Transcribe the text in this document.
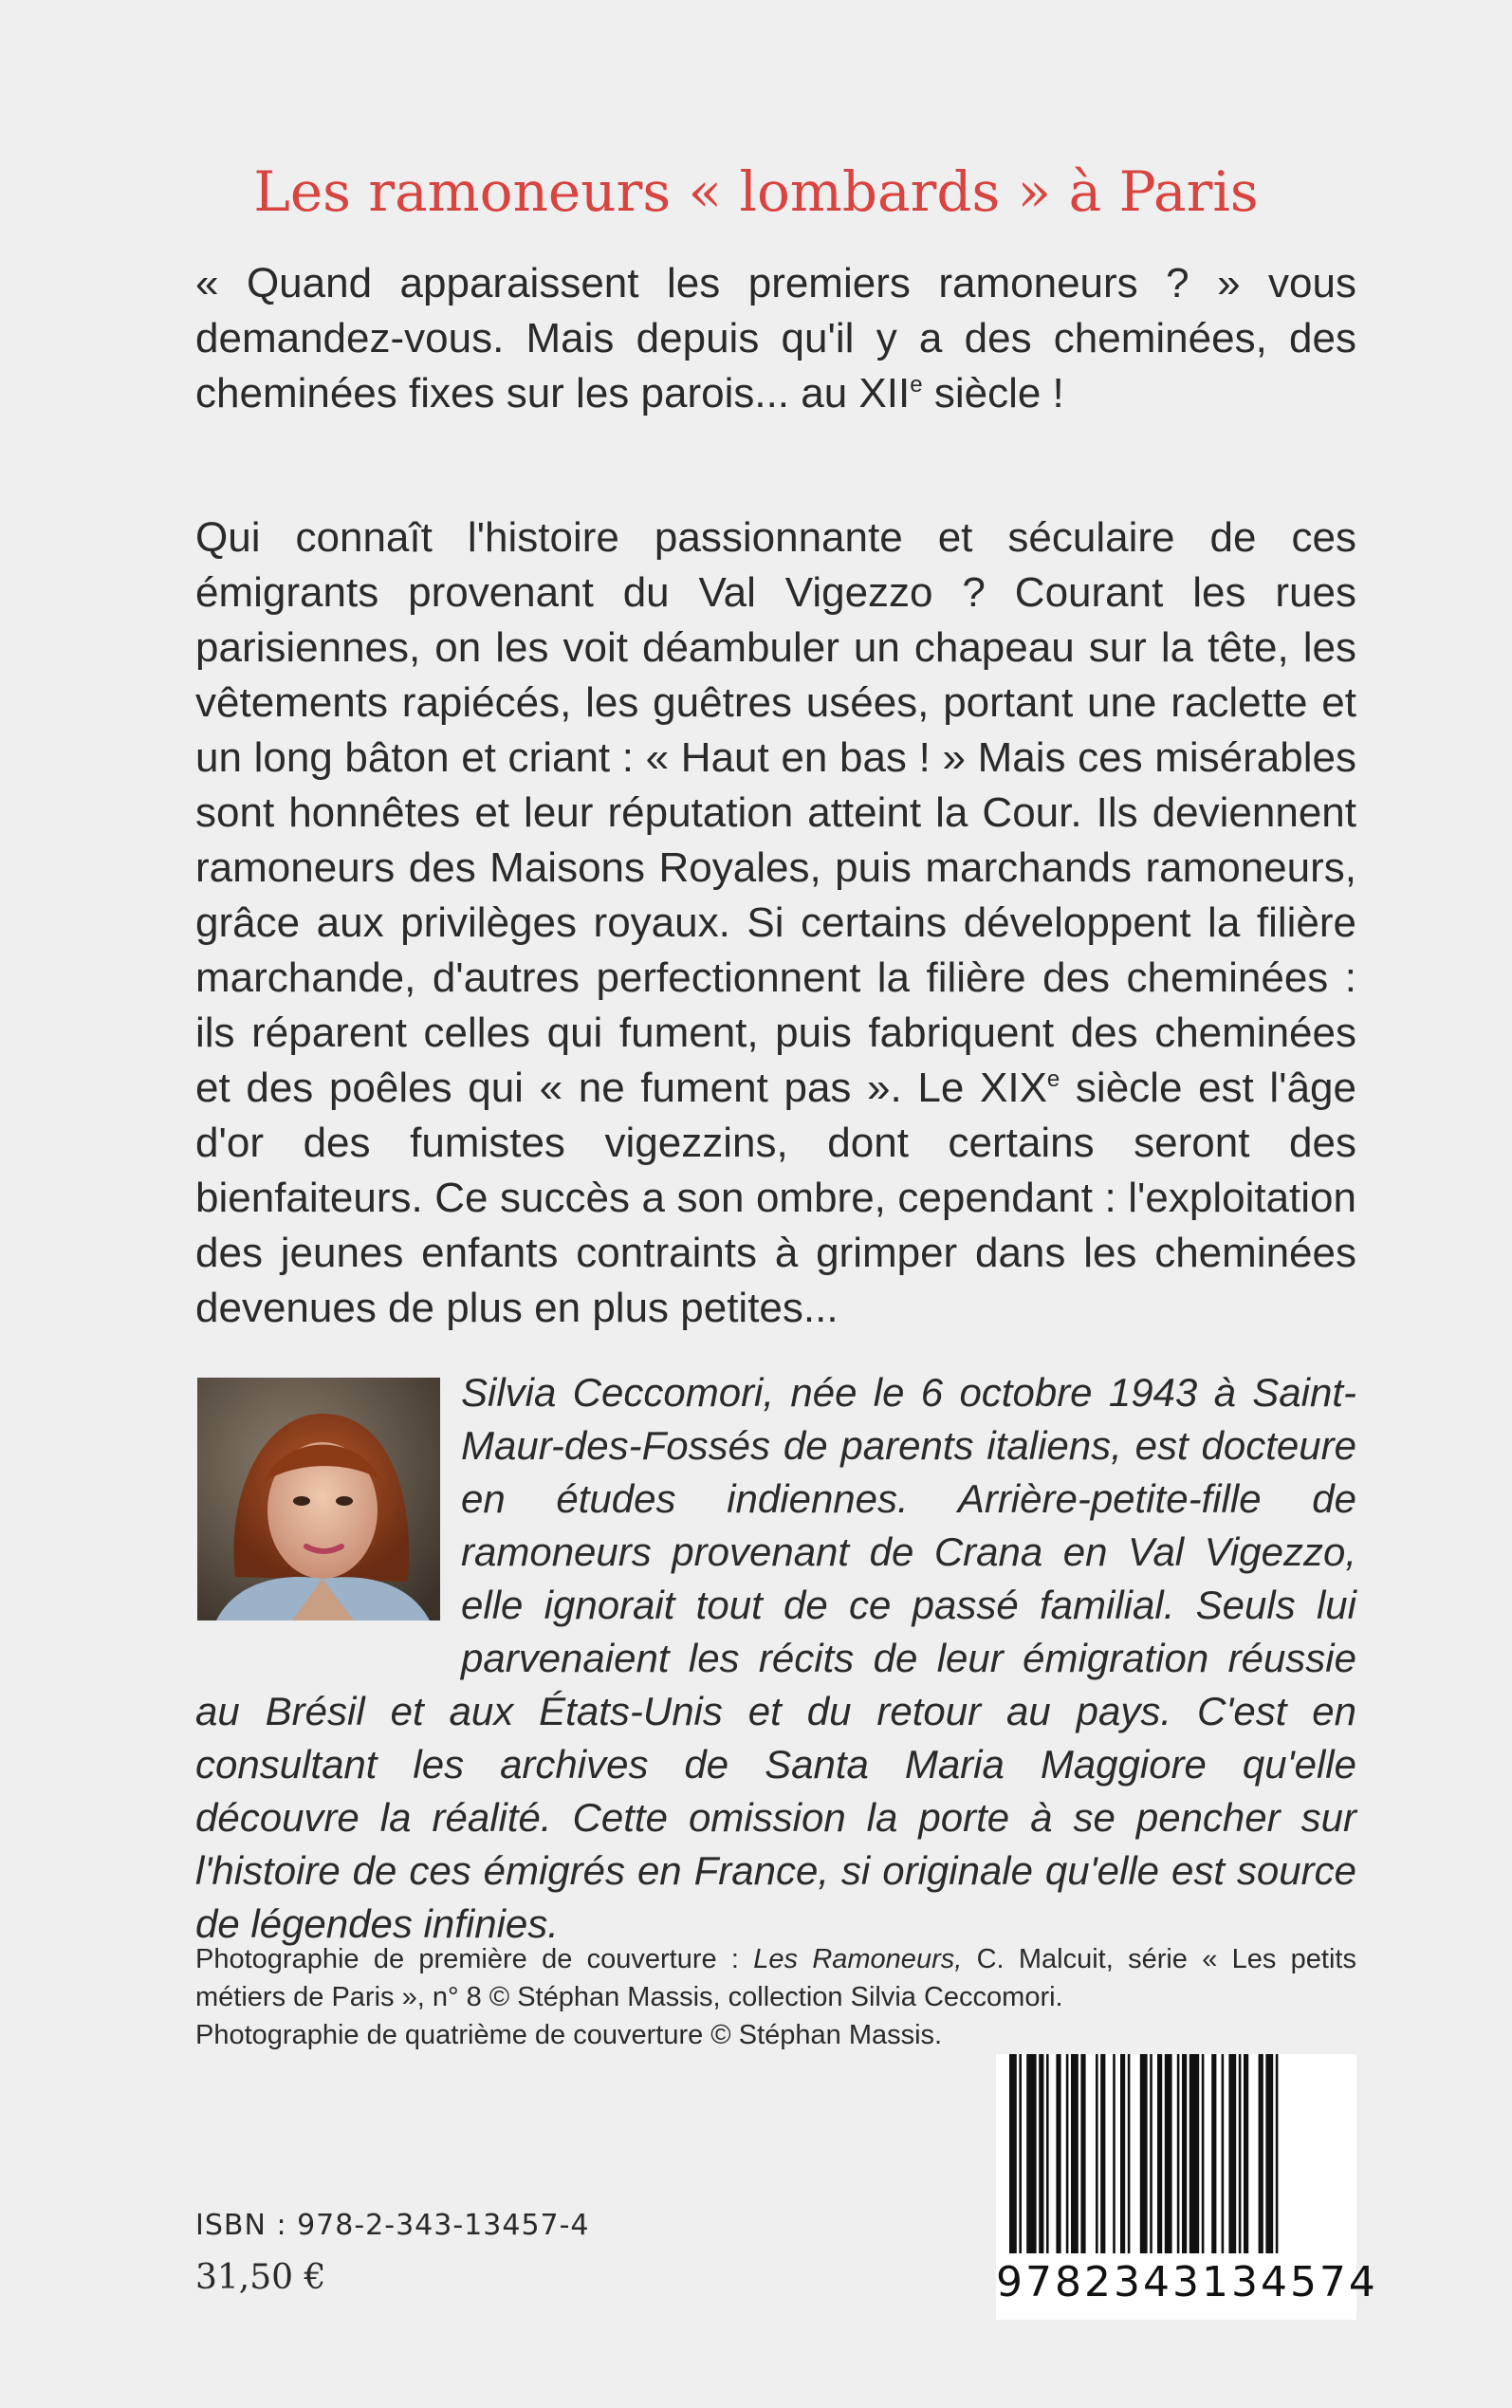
Les ramoneurs « lombards » à Paris
« Quand apparaissent les premiers ramoneurs ? » vous demandez-vous. Mais depuis qu'il y a des cheminées, des cheminées fixes sur les parois... au XIIe siècle !
Qui connaît l'histoire passionnante et séculaire de ces émigrants provenant du Val Vigezzo ? Courant les rues parisiennes, on les voit déambuler un chapeau sur la tête, les vêtements rapiécés, les guêtres usées, portant une raclette et un long bâton et criant : « Haut en bas ! » Mais ces misérables sont honnêtes et leur réputation atteint la Cour. Ils deviennent ramoneurs des Maisons Royales, puis marchands ramoneurs, grâce aux privilèges royaux. Si certains développent la filière marchande, d'autres perfectionnent la filière des cheminées : ils réparent celles qui fument, puis fabriquent des cheminées et des poêles qui « ne fument pas ». Le XIXe siècle est l'âge d'or des fumistes vigezzins, dont certains seront des bienfaiteurs. Ce succès a son ombre, cependant : l'exploitation des jeunes enfants contraints à grimper dans les cheminées devenues de plus en plus petites...
Silvia Ceccomori, née le 6 octobre 1943 à Saint-Maur-des-Fossés de parents italiens, est docteure en études indiennes. Arrière-petite-fille de ramoneurs provenant de Crana en Val Vigezzo, elle ignorait tout de ce passé familial. Seuls lui parvenaient les récits de leur émigration réussie au Brésil et aux États-Unis et du retour au pays. C'est en consultant les archives de Santa Maria Maggiore qu'elle découvre la réalité. Cette omission la porte à se pencher sur l'histoire de ces émigrés en France, si originale qu'elle est source de légendes infinies.

Photographie de première de couverture : Les Ramoneurs, C. Malcuit, série « Les petits métiers de Paris », n° 8 © Stéphan Massis, collection Silvia Ceccomori.

Photographie de quatrième de couverture © Stéphan Massis.

9782343134574
ISBN : 978-2-343-13457-4
31,50 €
